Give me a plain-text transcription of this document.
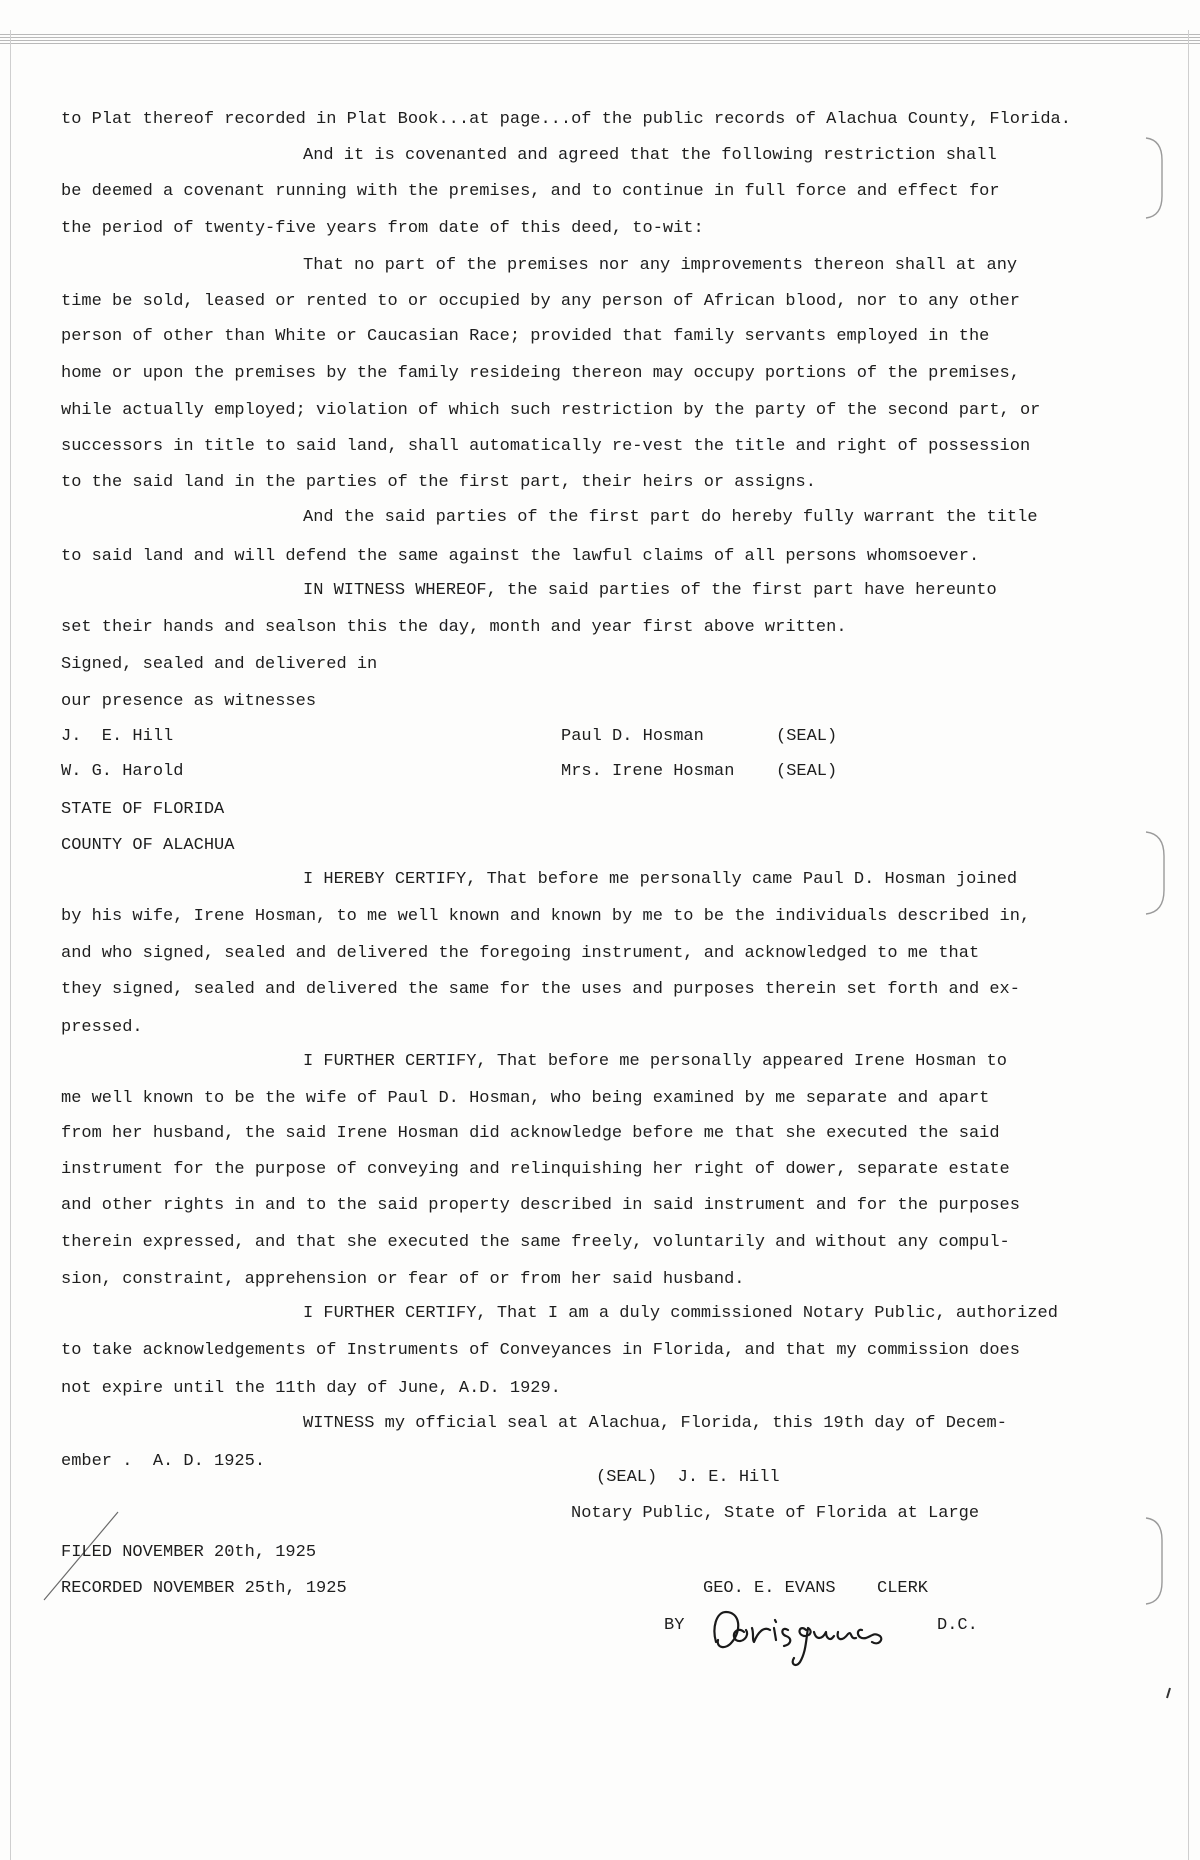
to Plat thereof recorded in Plat Book...at page...of the public records of Alachua County, Florida.
And it is covenanted and agreed that the following restriction shall
be deemed a covenant running with the premises, and to continue in full force and effect for
the period of twenty-five years from date of this deed, to-wit:
That no part of the premises nor any improvements thereon shall at any
time be sold, leased or rented to or occupied by any person of African blood, nor to any other
person of other than White or Caucasian Race; provided that family servants employed in the
home or upon the premises by the family resideing thereon may occupy portions of the premises,
while actually employed; violation of which such restriction by the party of the second part, or
successors in title to said land, shall automatically re-vest the title and right of possession
to the said land in the parties of the first part, their heirs or assigns.
And the said parties of the first part do hereby fully warrant the title
to said land and will defend the same against the lawful claims of all persons whomsoever.
IN WITNESS WHEREOF, the said parties of the first part have hereunto
set their hands and sealson this the day, month and year first above written.
Signed, sealed and delivered in
our presence as witnesses
J.  E. Hill	Paul D. Hosman	(SEAL)
W. G. Harold	Mrs. Irene Hosman (SEAL)
STATE OF FLORIDA
COUNTY OF ALACHUA
I HEREBY CERTIFY, That before me personally came Paul D. Hosman joined
by his wife, Irene Hosman, to me well known and known by me to be the individuals described in,
and who signed, sealed and delivered the foregoing instrument, and acknowledged to me that
they signed, sealed and delivered the same for the uses and purposes therein set forth and ex-
pressed.
I FURTHER CERTIFY, That before me personally appeared Irene Hosman to
me well known to be the wife of Paul D. Hosman, who being examined by me separate and apart
from her husband, the said Irene Hosman did acknowledge before me that she executed the said
instrument for the purpose of conveying and relinquishing her right of dower, separate estate
and other rights in and to the said property described in said instrument and for the purposes
therein expressed, and that she executed the same freely, voluntarily and without any compul-
sion, constraint, apprehension or fear of or from her said husband.
I FURTHER CERTIFY, That I am a duly commissioned Notary Public, authorized
to take acknowledgements of Instruments of Conveyances in Florida, and that my commission does
not expire until the 11th day of June, A.D. 1929.
WITNESS my official seal at Alachua, Florida, this 19th day of Decem-
ember .  A. D. 1925.
(SEAL)  J. E. Hill
Notary Public, State of Florida at Large
FILED NOVEMBER 20th, 1925
RECORDED NOVEMBER 25th, 1925	GEO. E. EVANS CLERK
BY	D.C.
